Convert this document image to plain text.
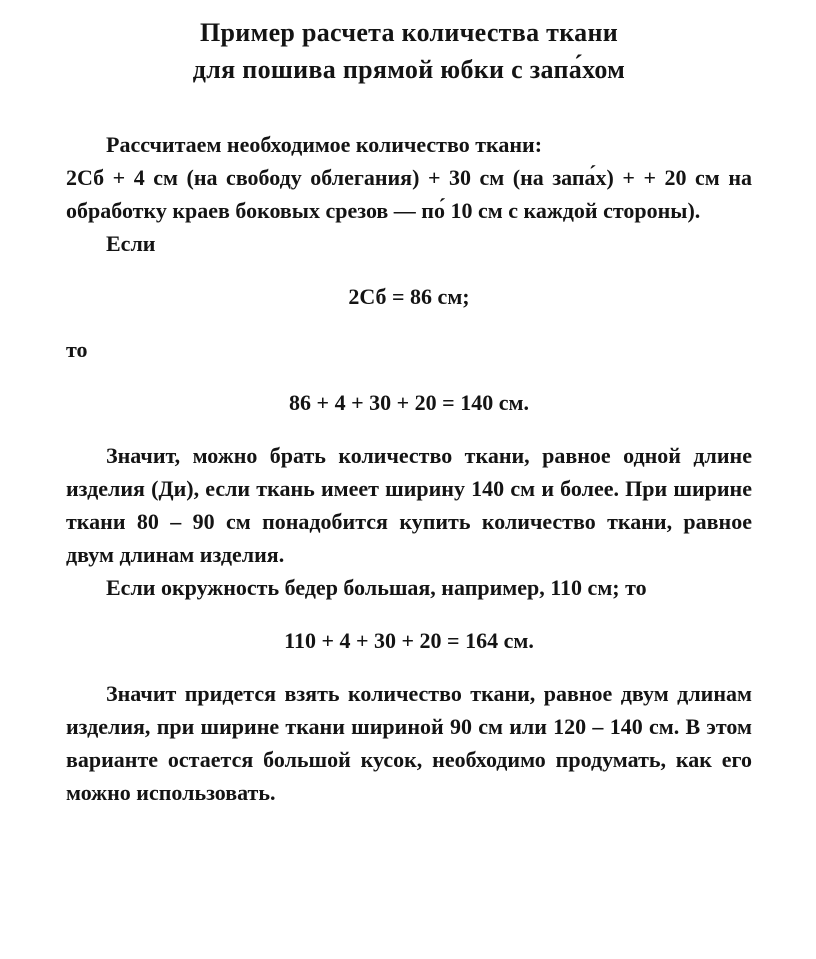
Пример расчета количества ткани
для пошива прямой юбки с запа́хом

Рассчитаем необходимое количество ткани:

2Сб + 4 см (на свободу облегания) + 30 см (на запа́х) + + 20 см на обработку краев боковых срезов — по́ 10 см с каждой стороны).

Если

2Сб = 86 см;

то

86 + 4 + 30 + 20 = 140 см.

Значит, можно брать количество ткани, равное одной длине изделия (Ди), если ткань имеет ширину 140 см и более. При ширине ткани 80 – 90 см понадобится купить количество ткани, равное двум длинам изделия.

Если окружность бедер большая, например, 110 см; то

110 + 4 + 30 + 20 = 164 см.

Значит придется взять количество ткани, равное двум длинам изделия, при ширине ткани шириной 90 см или 120 – 140 см. В этом варианте остается большой кусок, необходимо продумать, как его можно использовать.
